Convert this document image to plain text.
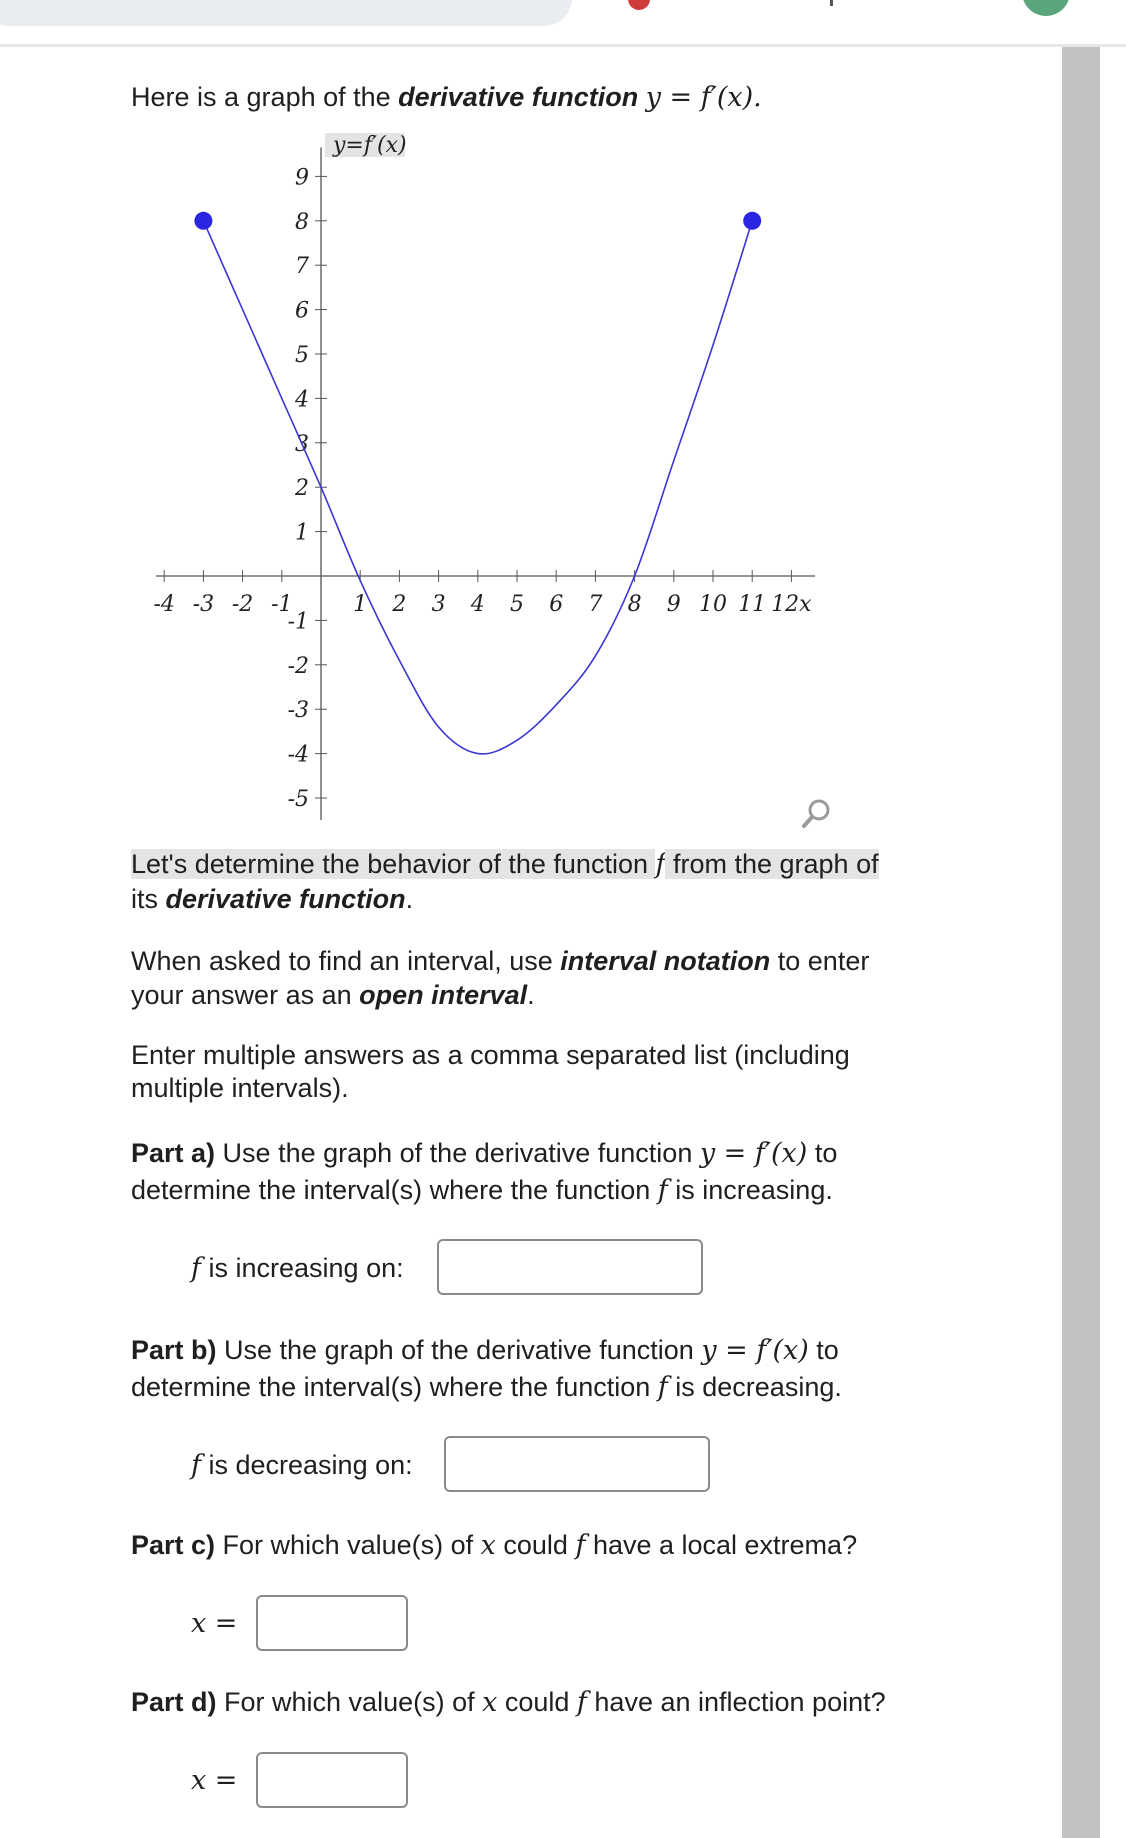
Here is a graph of the derivative function y = f′(x).
y=f′(x)
-4 -3 -2 -1	1 2 3 4 5 6 7 8 9 10 11 12x
-5
-4
-3
-2
-1
1
2
3
4
5
6
7
8
9
Let's determine the behavior of the function f from the graph of
its derivative function.
When asked to find an interval, use interval notation to enter
your answer as an open interval.
Enter multiple answers as a comma separated list (including
multiple intervals).
Part a) Use the graph of the derivative function y = f′(x) to
determine the interval(s) where the function f is increasing.
f is increasing on:
Part b) Use the graph of the derivative function y = f′(x) to
determine the interval(s) where the function f is decreasing.
f is decreasing on:
Part c) For which value(s) of x could f have a local extrema?
x =
Part d) For which value(s) of x could f have an inflection point?
x =
